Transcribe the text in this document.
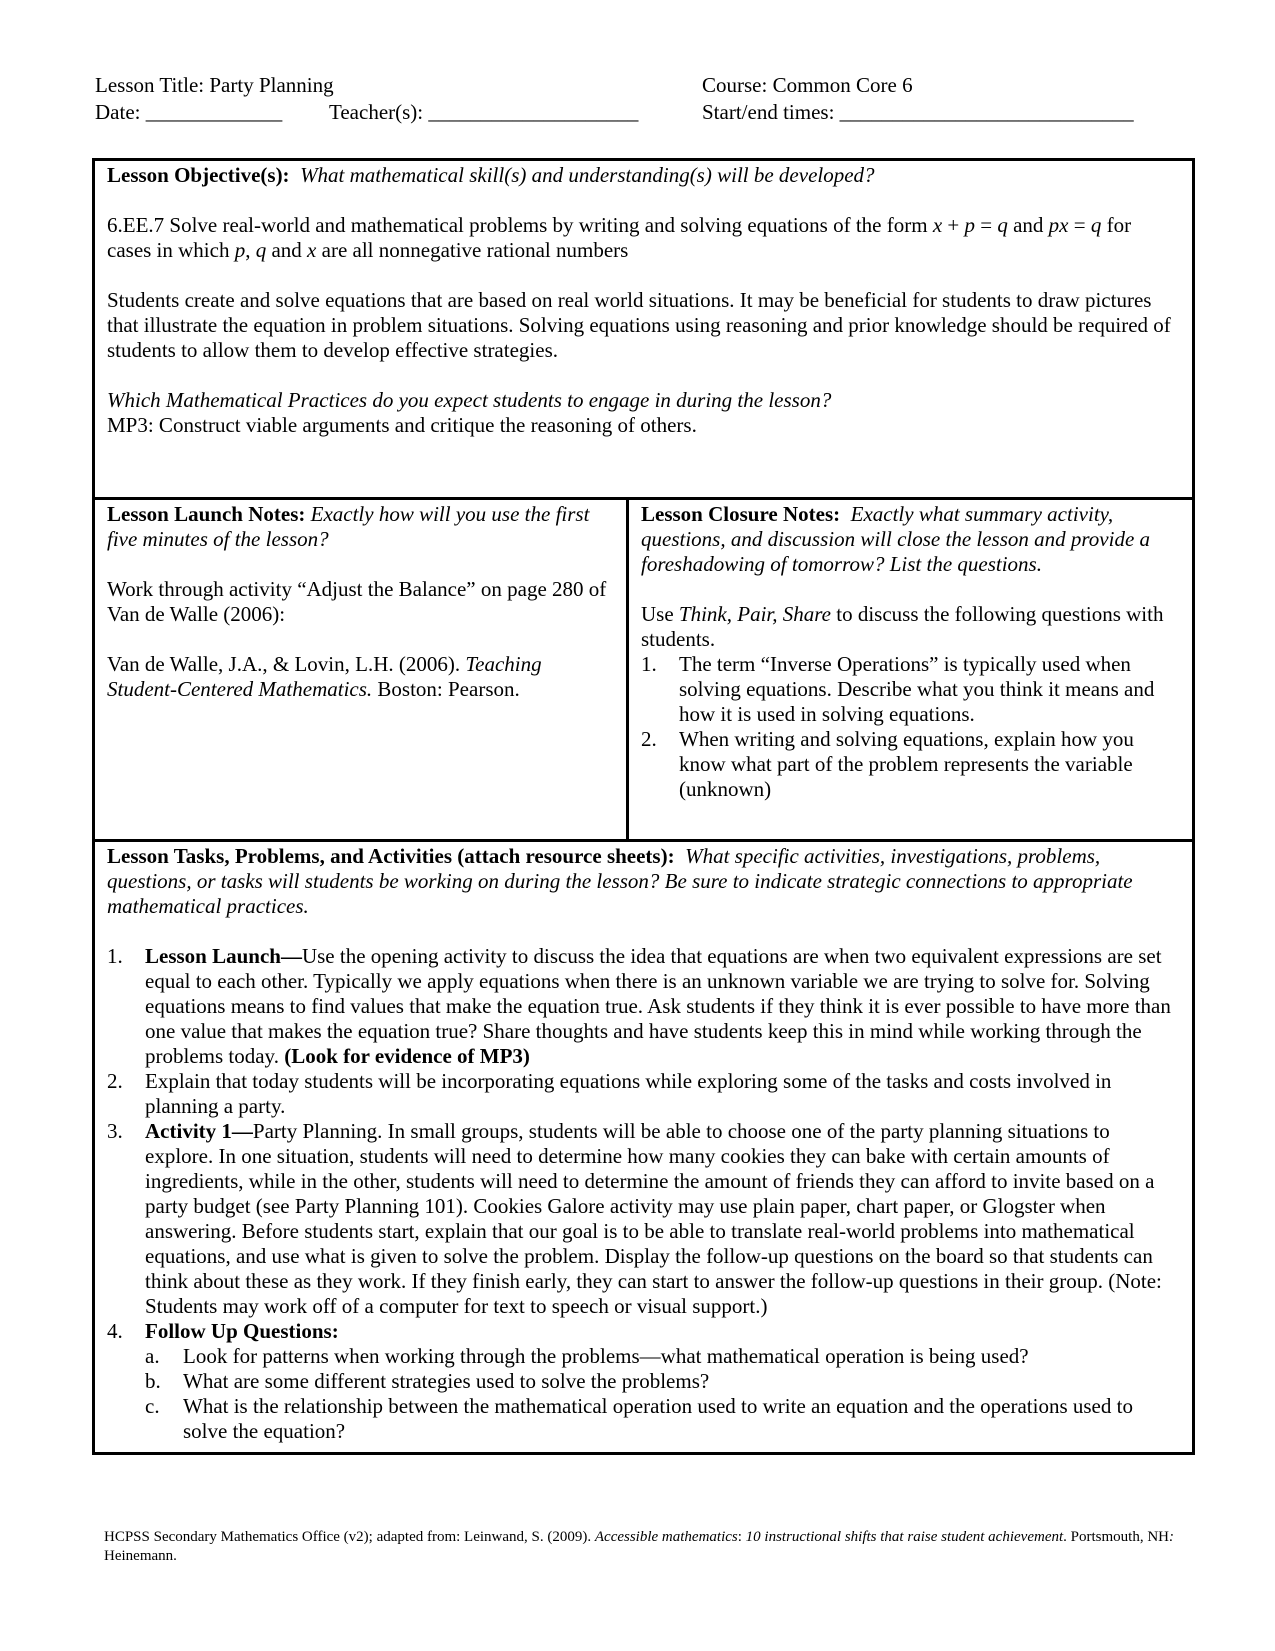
Lesson Title: Party Planning	Course: Common Core 6
Date: _____________ Teacher(s): ____________________	Start/end times: ____________________________

Lesson Objective(s): What mathematical skill(s) and understanding(s) will be developed?

6.EE.7 Solve real-world and mathematical problems by writing and solving equations of the form x + p = q and px = q for cases in which p, q and x are all nonnegative rational numbers

Students create and solve equations that are based on real world situations. It may be beneficial for students to draw pictures that illustrate the equation in problem situations. Solving equations using reasoning and prior knowledge should be required of students to allow them to develop effective strategies.

Which Mathematical Practices do you expect students to engage in during the lesson?

MP3: Construct viable arguments and critique the reasoning of others.

Lesson Launch Notes: Exactly how will you use the first five minutes of the lesson?

Work through activity “Adjust the Balance” on page 280 of Van de Walle (2006):

Van de Walle, J.A., & Lovin, L.H. (2006). Teaching Student-Centered Mathematics. Boston: Pearson.

Lesson Closure Notes: Exactly what summary activity, questions, and discussion will close the lesson and provide a foreshadowing of tomorrow? List the questions.

Use Think, Pair, Share to discuss the following questions with students.

1. The term “Inverse Operations” is typically used when solving equations. Describe what you think it means and how it is used in solving equations.
2. When writing and solving equations, explain how you know what part of the problem represents the variable (unknown)

Lesson Tasks, Problems, and Activities (attach resource sheets): What specific activities, investigations, problems, questions, or tasks will students be working on during the lesson? Be sure to indicate strategic connections to appropriate mathematical practices.

1. Lesson Launch—Use the opening activity to discuss the idea that equations are when two equivalent expressions are set equal to each other. Typically we apply equations when there is an unknown variable we are trying to solve for. Solving equations means to find values that make the equation true. Ask students if they think it is ever possible to have more than one value that makes the equation true? Share thoughts and have students keep this in mind while working through the problems today. (Look for evidence of MP3)
2. Explain that today students will be incorporating equations while exploring some of the tasks and costs involved in planning a party.
3. Activity 1—Party Planning. In small groups, students will be able to choose one of the party planning situations to explore. In one situation, students will need to determine how many cookies they can bake with certain amounts of ingredients, while in the other, students will need to determine the amount of friends they can afford to invite based on a party budget (see Party Planning 101). Cookies Galore activity may use plain paper, chart paper, or Glogster when answering. Before students start, explain that our goal is to be able to translate real-world problems into mathematical equations, and use what is given to solve the problem. Display the follow-up questions on the board so that students can think about these as they work. If they finish early, they can start to answer the follow-up questions in their group. (Note: Students may work off of a computer for text to speech or visual support.)
4. Follow Up Questions:
a. Look for patterns when working through the problems—what mathematical operation is being used?
b. What are some different strategies used to solve the problems?
c. What is the relationship between the mathematical operation used to write an equation and the operations used to solve the equation?
HCPSS Secondary Mathematics Office (v2); adapted from: Leinwand, S. (2009). Accessible mathematics: 10 instructional shifts that raise student achievement. Portsmouth, NH: Heinemann.
